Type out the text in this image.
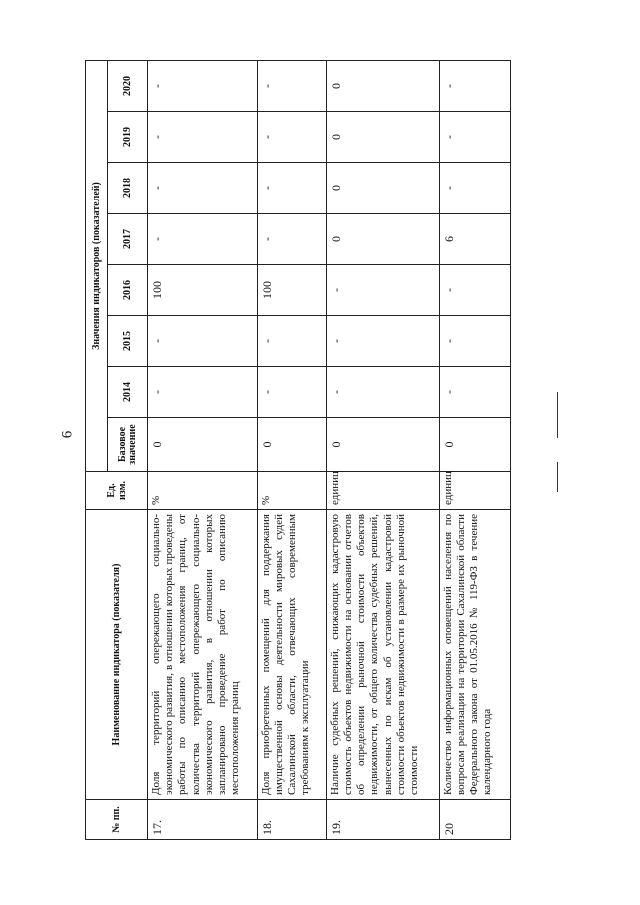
6
№ пп.	Наименование индикатора (показателя)	Ед. изм.	Значения индикаторов (показателей)							
			Базовое значение	2014	2015	2016	2017	2018	2019	2020
17.	Доля территорий опережающего социально-экономического развития, в отношении которых проведены работы по описанию местоположения границ, от количества территорий опережающего социально-экономического развития, в отношении которых запланировано проведение работ по описанию местоположения границ	%	0	-	-	100	-	-	-	-
18.	Доля приобретенных помещений для поддержания имущественной основы деятельности мировых судей Сахалинской области, отвечающих современным требованиям к эксплуатации	%	0	-	-	100	-	-	-	-
19.	Наличие судебных решений, снижающих кадастровую стоимость объектов недвижимости на основании отчетов об определении рыночной стоимости объектов недвижимости, от общего количества судебных решений, вынесенных по искам об установлении кадастровой стоимости объектов недвижимости в размере их рыночной стоимости	единиц	0	-	-	-	0	0	0	0
20	Количество информационных оповещений населения по вопросам реализации на территории Сахалинской области Федерального закона от 01.05.2016 № 119-ФЗ в течение календарного года	единиц	0	-	-	-	6	-	-	-
